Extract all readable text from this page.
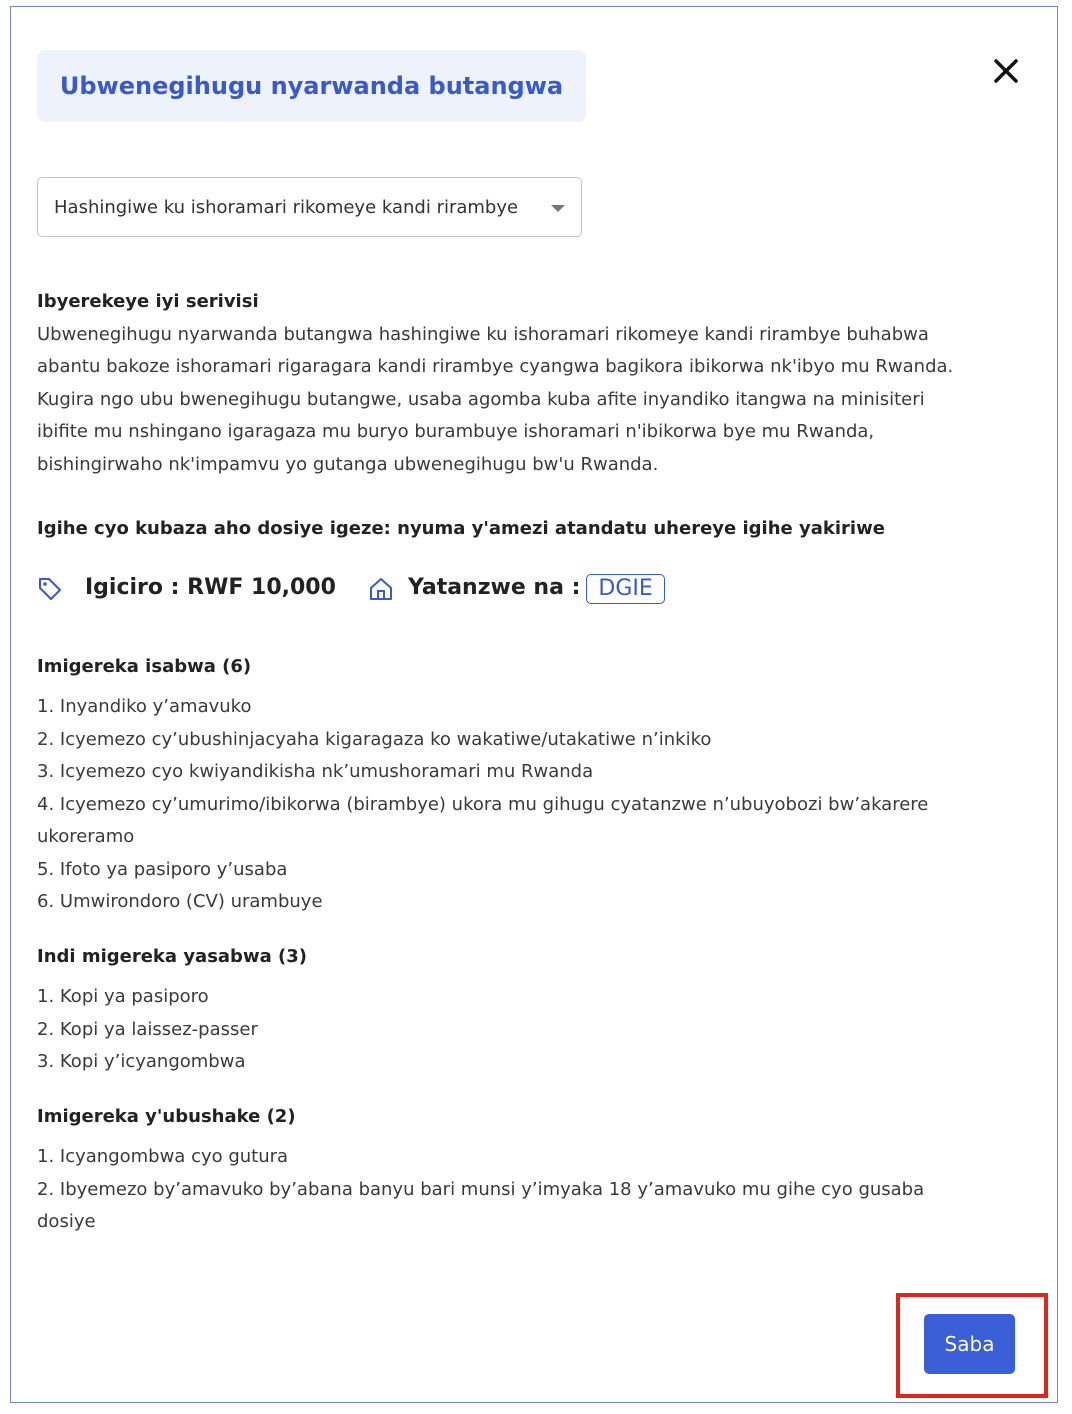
Ubwenegihugu nyarwanda butangwa
Hashingiwe ku ishoramari rikomeye kandi rirambye

Ibyerekeye iyi serivisi

Ubwenegihugu nyarwanda butangwa hashingiwe ku ishoramari rikomeye kandi rirambye buhabwa
abantu bakoze ishoramari rigaragara kandi rirambye cyangwa bagikora ibikorwa nk'ibyo mu Rwanda.
Kugira ngo ubu bwenegihugu butangwe, usaba agomba kuba afite inyandiko itangwa na minisiteri
ibifite mu nshingano igaragaza mu buryo burambuye ishoramari n'ibikorwa bye mu Rwanda,
bishingirwaho nk'impamvu yo gutanga ubwenegihugu bw'u Rwanda.

Igihe cyo kubaza aho dosiye igeze: nyuma y'amezi atandatu uhereye igihe yakiriwe

Igiciro : RWF 10,000	Yatanzwe na : DGIE

Imigereka isabwa (6)

1. Inyandiko y’amavuko
2. Icyemezo cy’ubushinjacyaha kigaragaza ko wakatiwe/utakatiwe n’inkiko
3. Icyemezo cyo kwiyandikisha nk’umushoramari mu Rwanda
4. Icyemezo cy’umurimo/ibikorwa (birambye) ukora mu gihugu cyatanzwe n’ubuyobozi bw’akarere
ukoreramo
5. Ifoto ya pasiporo y’usaba
6. Umwirondoro (CV) urambuye

Indi migereka yasabwa (3)

1. Kopi ya pasiporo
2. Kopi ya laissez-passer
3. Kopi y’icyangombwa

Imigereka y'ubushake (2)

1. Icyangombwa cyo gutura
2. Ibyemezo by’amavuko by’abana banyu bari munsi y’imyaka 18 y’amavuko mu gihe cyo gusaba
dosiye
Saba
